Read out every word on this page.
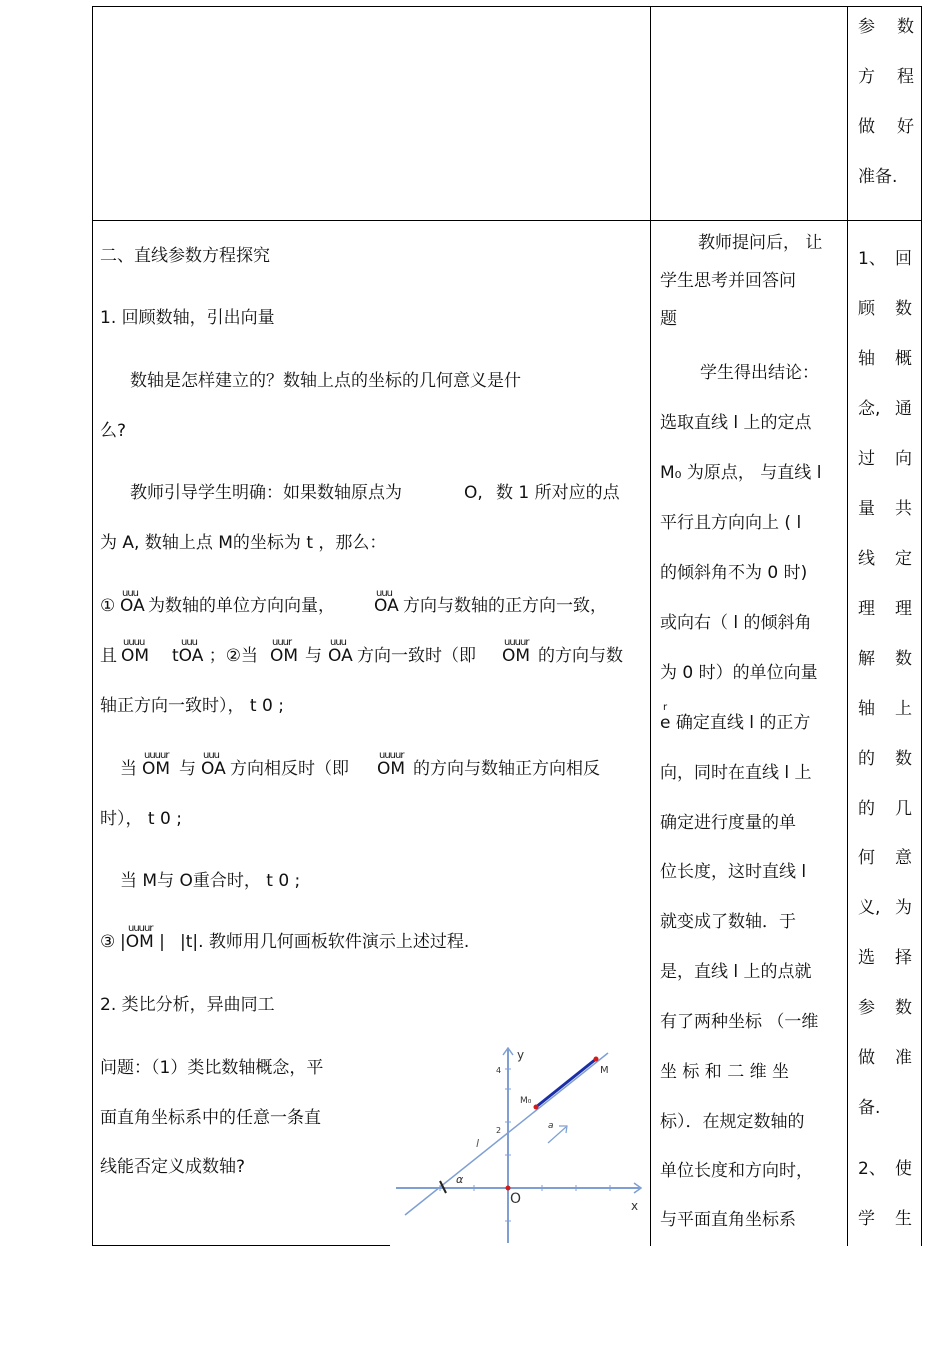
参 数
方 程
做 好
准备.
二、直线参数方程探究
1. 回顾数轴，引出向量
数轴是怎样建立的？数轴上点的坐标的几何意义是什
么?
教师引导学生明确：如果数轴原点为	O, 数 1 所对应的点
为 A, 数轴上点 M的坐标为 t ，那么：
①
uuu
OA 为数轴的单位方向向量，
uuu
OA 方向与数轴的正方向一致，
且
uuuu
OM
uuu
tOA ；②当
uuur
OM 与
uuu
OA 方向一致时（即
uuuur
OM 的方向与数
轴正方向一致时）， t 0 ;
当
uuuur
OM 与
uuu
OA 方向相反时（即
uuuur
OM 的方向与数轴正方向相反
时）， t 0 ;
当 M与 O重合时， t 0 ;
③
uuuur
|OM | |t|. 教师用几何画板软件演示上述过程.
2. 类比分析，异曲同工
问题：（1）类比数轴概念，平
面直角坐标系中的任意一条直
线能否定义成数轴?
4
2
y
x
O
M
M₀
l
α
a
教师提问后， 让
学生思考并回答问
题
学生得出结论：
选取直线 l 上的定点
M₀ 为原点， 与直线 l
平行且方向向上 ( l
的倾斜角不为 0 时)
或向右（ l 的倾斜角
为 0 时）的单位向量
r
e 确定直线 l 的正方
向，同时在直线 l 上
确定进行度量的单
位长度，这时直线 l
就变成了数轴．于
是，直线 l 上的点就
有了两种坐标 （一维
坐 标 和 二 维 坐
标）．在规定数轴的
单位长度和方向时，
与平面直角坐标系
1、 回
顾 数
轴 概
念, 通
过 向
量 共
线 定
理 理
解 数
轴 上
的 数
的 几
何 意
义, 为
选 择
参 数
做 准
备.
2、 使
学 生
